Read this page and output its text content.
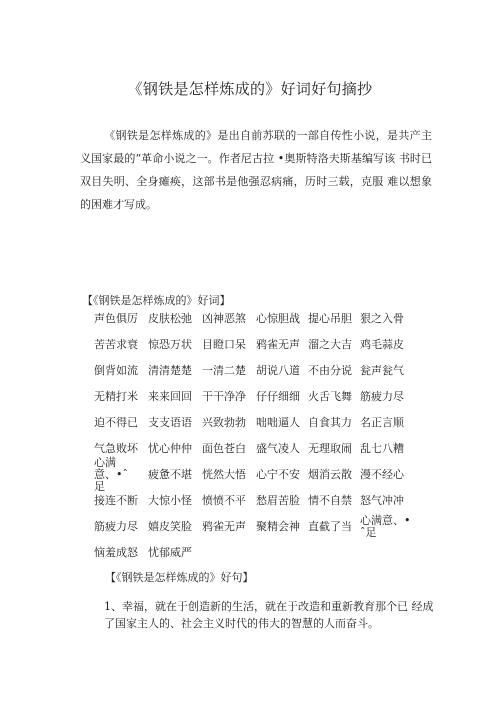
《钢铁是怎样炼成的》好词好句摘抄

《钢铁是怎样炼成的》是出自前苏联的一部自传性小说，是共产主义国家最的“革命小说之一。作者尼古拉 •奥斯特洛夫斯基编写该 书时已双目失明、全身瘫痪，这部书是他强忍病痛，历时三载，克服 难以想象的困难才写成。

【《钢铁是怎样炼成的》好词】
声色俱厉 皮肤松弛 凶神恶煞 心惊胆战 提心吊胆 狠之入骨
苦苦求衰 惊恐万状 目瞪口呆 鸦雀无声 溜之大吉 鸡毛蒜皮
倒背如流 清清楚楚 一清二楚 胡说八道 不由分说 瓮声瓮气
无精打米 来来回回 干干净净 仔仔细细 火舌飞舞 筋疲力尽
迫不得已 支支语语 兴致勃勃 咄咄逼人 自食其力 名正言顺
气急败坏 忧心仲仲 面色苍白 盛气凌人 无理取闹 乱七八糟
心满意、•ˆ足
疲惫不堪 恍然大悟 心宁不安 烟消云散 漫不经心
接连不断 大惊小怪 愤愤不平 愁眉苦脸 情不自禁 怒气冲冲
筋疲力尽 嬉皮笑脸 鸦雀无声 聚精会神 直截了当 心满意、•ˆ足
恼羞成怒 忧郁威严
【《钢铁是怎样炼成的》好句】

1、幸福，就在于创造新的生活，就在于改造和重新教育那个已 经成了国家主人的、社会主义时代的伟大的智慧的人而奋斗。
